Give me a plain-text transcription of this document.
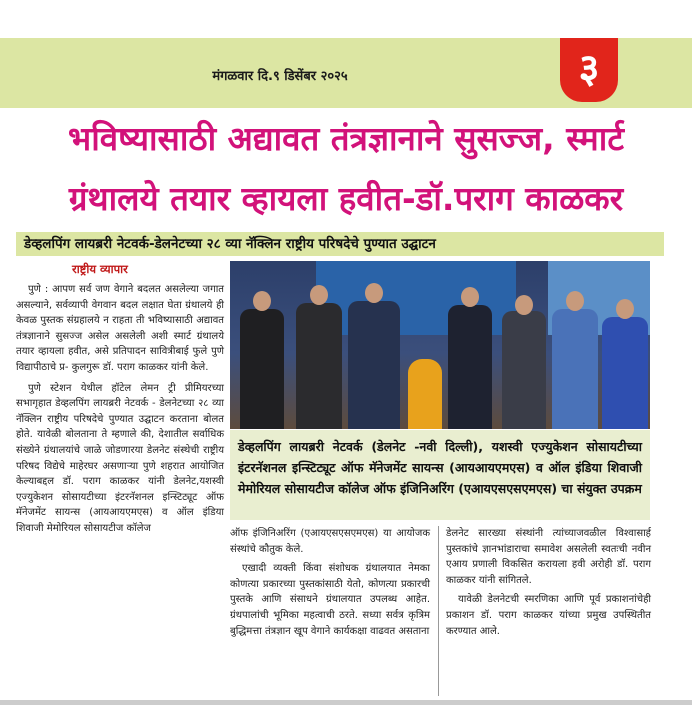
मंगळवार दि.९ डिसेंबर २०२५	३
भविष्यासाठी अद्यावत तंत्रज्ञानाने सुसज्ज, स्मार्ट
ग्रंथालये तयार व्हायला हवीत-डॉ.पराग काळकर
डेव्हलपिंग लायब्ररी नेटवर्क-डेलनेटच्या २८ व्या नॅक्लिन राष्ट्रीय परिषदेचे पुण्यात उद्घाटन
राष्ट्रीय व्यापार

पुणे : आपण सर्व जण वेगाने बदलत असलेल्या जगात असल्याने, सर्वव्यापी वेगवान बदल लक्षात घेता ग्रंथालये ही केवळ पुस्तक संग्रहालये न राहता ती भविष्यासाठी अद्यावत तंत्रज्ञानाने सुसज्ज असेल असलेली अशी स्मार्ट ग्रंथालये तयार व्हायला हवीत, असे प्रतिपादन सावित्रीबाई फुले पुणे विद्यापीठाचे प्र- कुलगुरू डॉ. पराग काळकर यांनी केले.

पुणे स्टेशन येथील हॉटेल लेमन ट्री प्रीमियरच्या सभागृहात डेव्हलपिंग लायब्ररी नेटवर्क - डेलनेटच्या २८ व्या नॅक्लिन राष्ट्रीय परिषदेचे पुण्यात उद्घाटन करताना बोलत होते. यावेळी बोलताना ते म्हणाले की, देशातील सर्वाधिक संख्येने ग्रंथालयांचे जाळे जोडणारया डेलनेट संस्थेची राष्ट्रीय परिषद विद्येचे माहेरघर असणाऱ्या पुणे शहरात आयोजित केल्याबद्दल डॉ. पराग काळकर यांनी डेलनेट,यशस्वी एज्युकेशन सोसायटीच्या इंटरनॅशनल इन्स्टिट्यूट ऑफ मॅनेजमेंट सायन्स (आयआयएमएस) व ऑल इंडिया शिवाजी मेमोरियल सोसायटीज कॉलेज

डेव्हलपिंग लायब्ररी नेटवर्क (डेलनेट -नवी दिल्ली), यशस्वी एज्युकेशन सोसायटीच्या इंटरनॅशनल इन्स्टिट्यूट ऑफ मॅनेजमेंट सायन्स (आयआयएमएस) व ऑल इंडिया शिवाजी मेमोरियल सोसायटीज कॉलेज ऑफ इंजिनिअरिंग (एआयएसएसएमएस) चा संयुक्त उपक्रम

ऑफ इंजिनिअरिंग (एआयएसएसएमएस) या आयोजक संस्थांचे कौतुक केले.

एखादी व्यक्ती किंवा संशोधक ग्रंथालयात नेमका कोणत्या प्रकारच्या पुस्तकांसाठी येतो, कोणत्या प्रकारची पुस्तके आणि संसाधने ग्रंथालयात उपलब्ध आहेत. ग्रंथपालांची भूमिका महत्वाची ठरते. सध्या सर्वत्र कृत्रिम बुद्धिमत्ता तंत्रज्ञान खूप वेगाने कार्यकक्षा वाढवत असताना

डेलनेट सारख्या संस्थांनी त्यांच्याजवळील विश्वासार्ह पुस्तकांचे ज्ञानभांडाराचा समावेश असलेली स्वतःची नवीन एआय प्रणाली विकसित करायला हवी अरोही डॉ. पराग काळकर यांनी सांगितले.

यावेळी डेलनेटची स्मरणिका आणि पूर्व प्रकाशनांचेही प्रकाशन डॉ. पराग काळकर यांच्या प्रमुख उपस्थितीत करण्यात आले.
